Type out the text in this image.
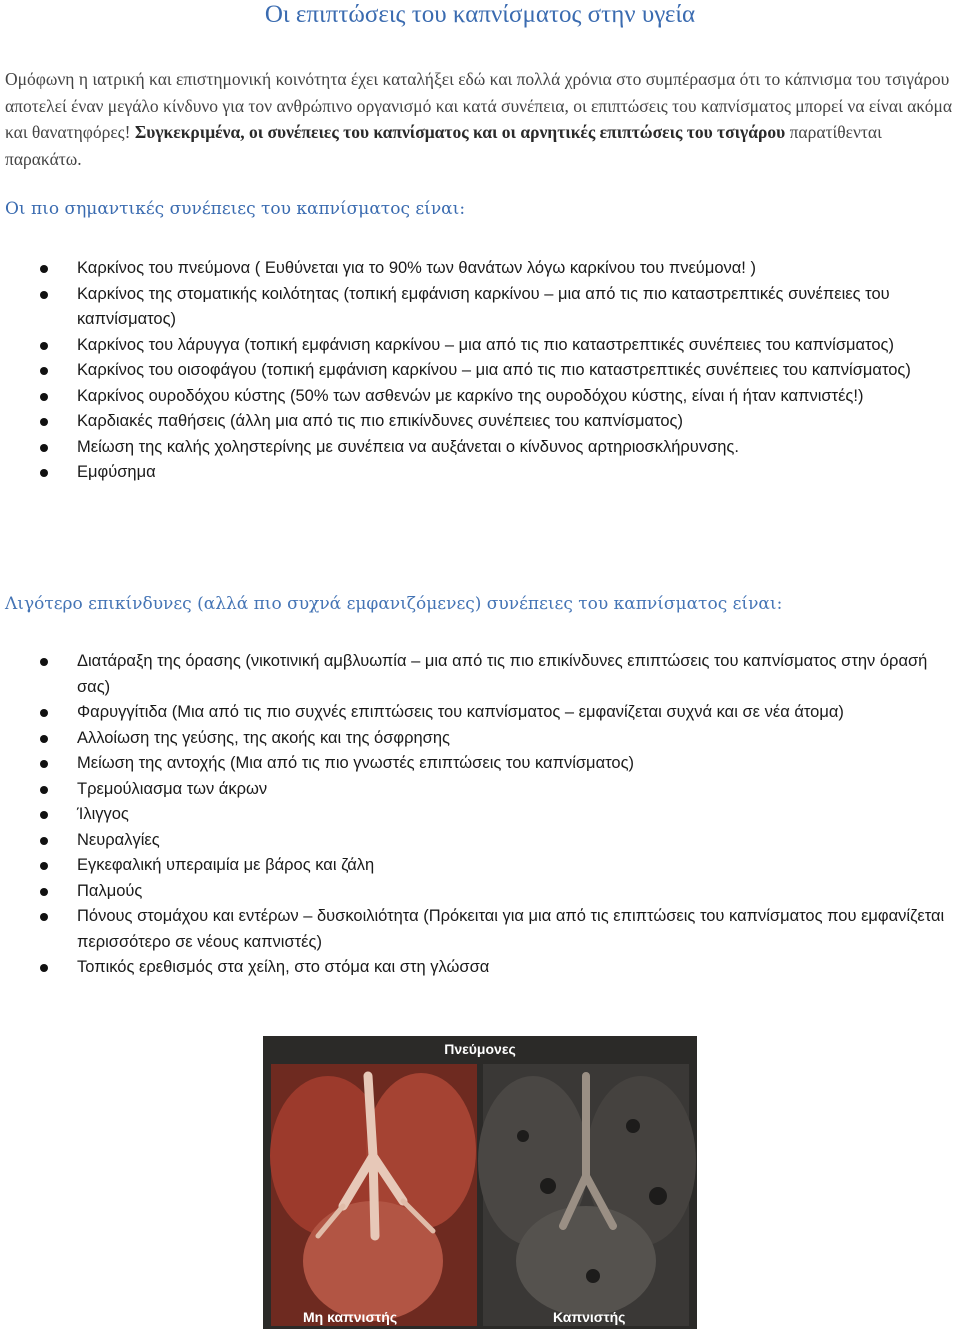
Οι επιπτώσεις του καπνίσματος στην υγεία

Ομόφωνη η ιατρική και επιστημονική κοινότητα έχει καταλήξει εδώ και πολλά χρόνια στο συμπέρασμα ότι το κάπνισμα του τσιγάρου αποτελεί έναν μεγάλο κίνδυνο για τον ανθρώπινο οργανισμό και κατά συνέπεια, οι επιπτώσεις του καπνίσματος μπορεί να είναι ακόμα και θανατηφόρες! Συγκεκριμένα, οι συνέπειες του καπνίσματος και οι αρνητικές επιπτώσεις του τσιγάρου παρατίθενται παρακάτω.

Οι πιο σημαντικές συνέπειες του καπνίσματος είναι:
Καρκίνος του πνεύμονα ( Ευθύνεται για το 90% των θανάτων λόγω καρκίνου του πνεύμονα! )
Καρκίνος της στοματικής κοιλότητας (τοπική εμφάνιση καρκίνου – μια από τις πιο καταστρεπτικές συνέπειες του καπνίσματος)
Καρκίνος του λάρυγγα (τοπική εμφάνιση καρκίνου – μια από τις πιο καταστρεπτικές συνέπειες του καπνίσματος)
Καρκίνος του οισοφάγου (τοπική εμφάνιση καρκίνου – μια από τις πιο καταστρεπτικές συνέπειες του καπνίσματος)
Καρκίνος ουροδόχου κύστης (50% των ασθενών με καρκίνο της ουροδόχου κύστης, είναι ή ήταν καπνιστές!)
Καρδιακές παθήσεις (άλλη μια από τις πιο επικίνδυνες συνέπειες του καπνίσματος)
Μείωση της καλής χοληστερίνης με συνέπεια να αυξάνεται ο κίνδυνος αρτηριοσκλήρυνσης.
Εμφύσημα
Λιγότερο επικίνδυνες (αλλά πιο συχνά εμφανιζόμενες) συνέπειες του καπνίσματος είναι:
Διατάραξη της όρασης (νικοτινική αμβλυωπία – μια από τις πιο επικίνδυνες επιπτώσεις του καπνίσματος στην όρασή σας)
Φαρυγγίτιδα (Μια από τις πιο συχνές επιπτώσεις του καπνίσματος – εμφανίζεται συχνά και σε νέα άτομα)
Αλλοίωση της γεύσης, της ακοής και της όσφρησης
Μείωση της αντοχής (Μια από τις πιο γνωστές επιπτώσεις του καπνίσματος)
Τρεμούλιασμα των άκρων
Ίλιγγος
Νευραλγίες
Εγκεφαλική υπεραιμία με βάρος και ζάλη
Παλμούς
Πόνους στομάχου και εντέρων – δυσκοιλιότητα (Πρόκειται για μια από τις επιπτώσεις του καπνίσματος που εμφανίζεται περισσότερο σε νέους καπνιστές)
Τοπικός ερεθισμός στα χείλη, στο στόμα και στη γλώσσα
Πνεύμονες
Μη καπνιστής	Καπνιστής
